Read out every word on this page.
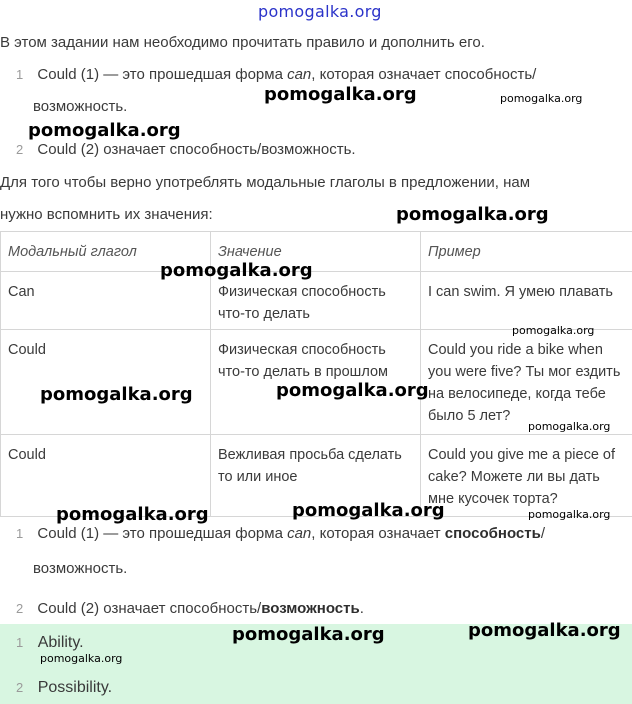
pomogalka.org
В этом задании нам необходимо прочитать правило и дополнить его.
1 Could (1) — это прошедшая форма can, которая означает способность/
возможность.
2 Could (2) означает способность/возможность.
Для того чтобы верно употреблять модальные глаголы в предложении, нам
нужно вспомнить их значения:
Модальный глагол	Значение	Пример
Can	Физическая способность что-то делать	I can swim. Я умею плавать
Could	Физическая способность что-то делать в прошлом	Could you ride a bike when you were five? Ты мог ездить на велосипеде, когда тебе было 5 лет?
Could	Вежливая просьба сделать то или иное	Could you give me a piece of cake? Можете ли вы дать мне кусочек торта?
1 Could (1) — это прошедшая форма can, которая означает способность/
возможность.
2 Could (2) означает способность/возможность.
1 Ability.
2 Possibility.
pomogalka.org	pomogalka.org
pomogalka.org
pomogalka.org
pomogalka.org
pomogalka.org
pomogalka.org	pomogalka.org
pomogalka.org
pomogalka.org	pomogalka.org	pomogalka.org
pomogalka.org	pomogalka.org
pomogalka.org
